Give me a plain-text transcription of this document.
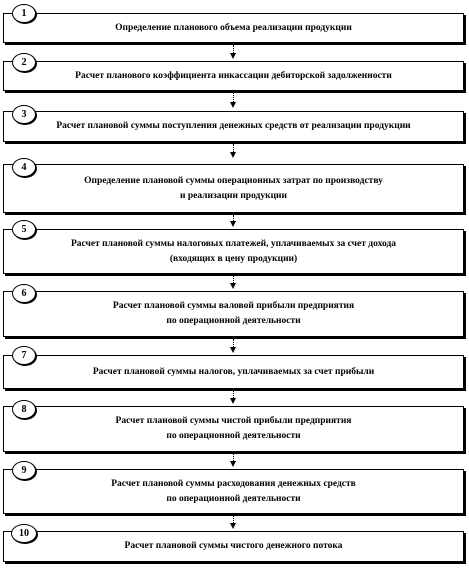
Определение планового объема реализации продукции
1
Расчет планового коэффициента инкассации дебиторской задолженности
2
Расчет плановой суммы поступления денежных средств от реализации продукции
3
Определение плановой суммы операционных затрат по производству
и реализации продукции
4
Расчет плановой суммы налоговых платежей, уплачиваемых за счет дохода
(входящих в цену продукции)
5
Расчет плановой суммы валовой прибыли предприятия
по операционной деятельности
6
Расчет плановой суммы налогов, уплачиваемых за счет прибыли
7
Расчет плановой суммы чистой прибыли предприятия
по операционной деятельности
8
Расчет плановой суммы расходования денежных средств
по операционной деятельности
9
Расчет плановой суммы чистого денежного потока
10
